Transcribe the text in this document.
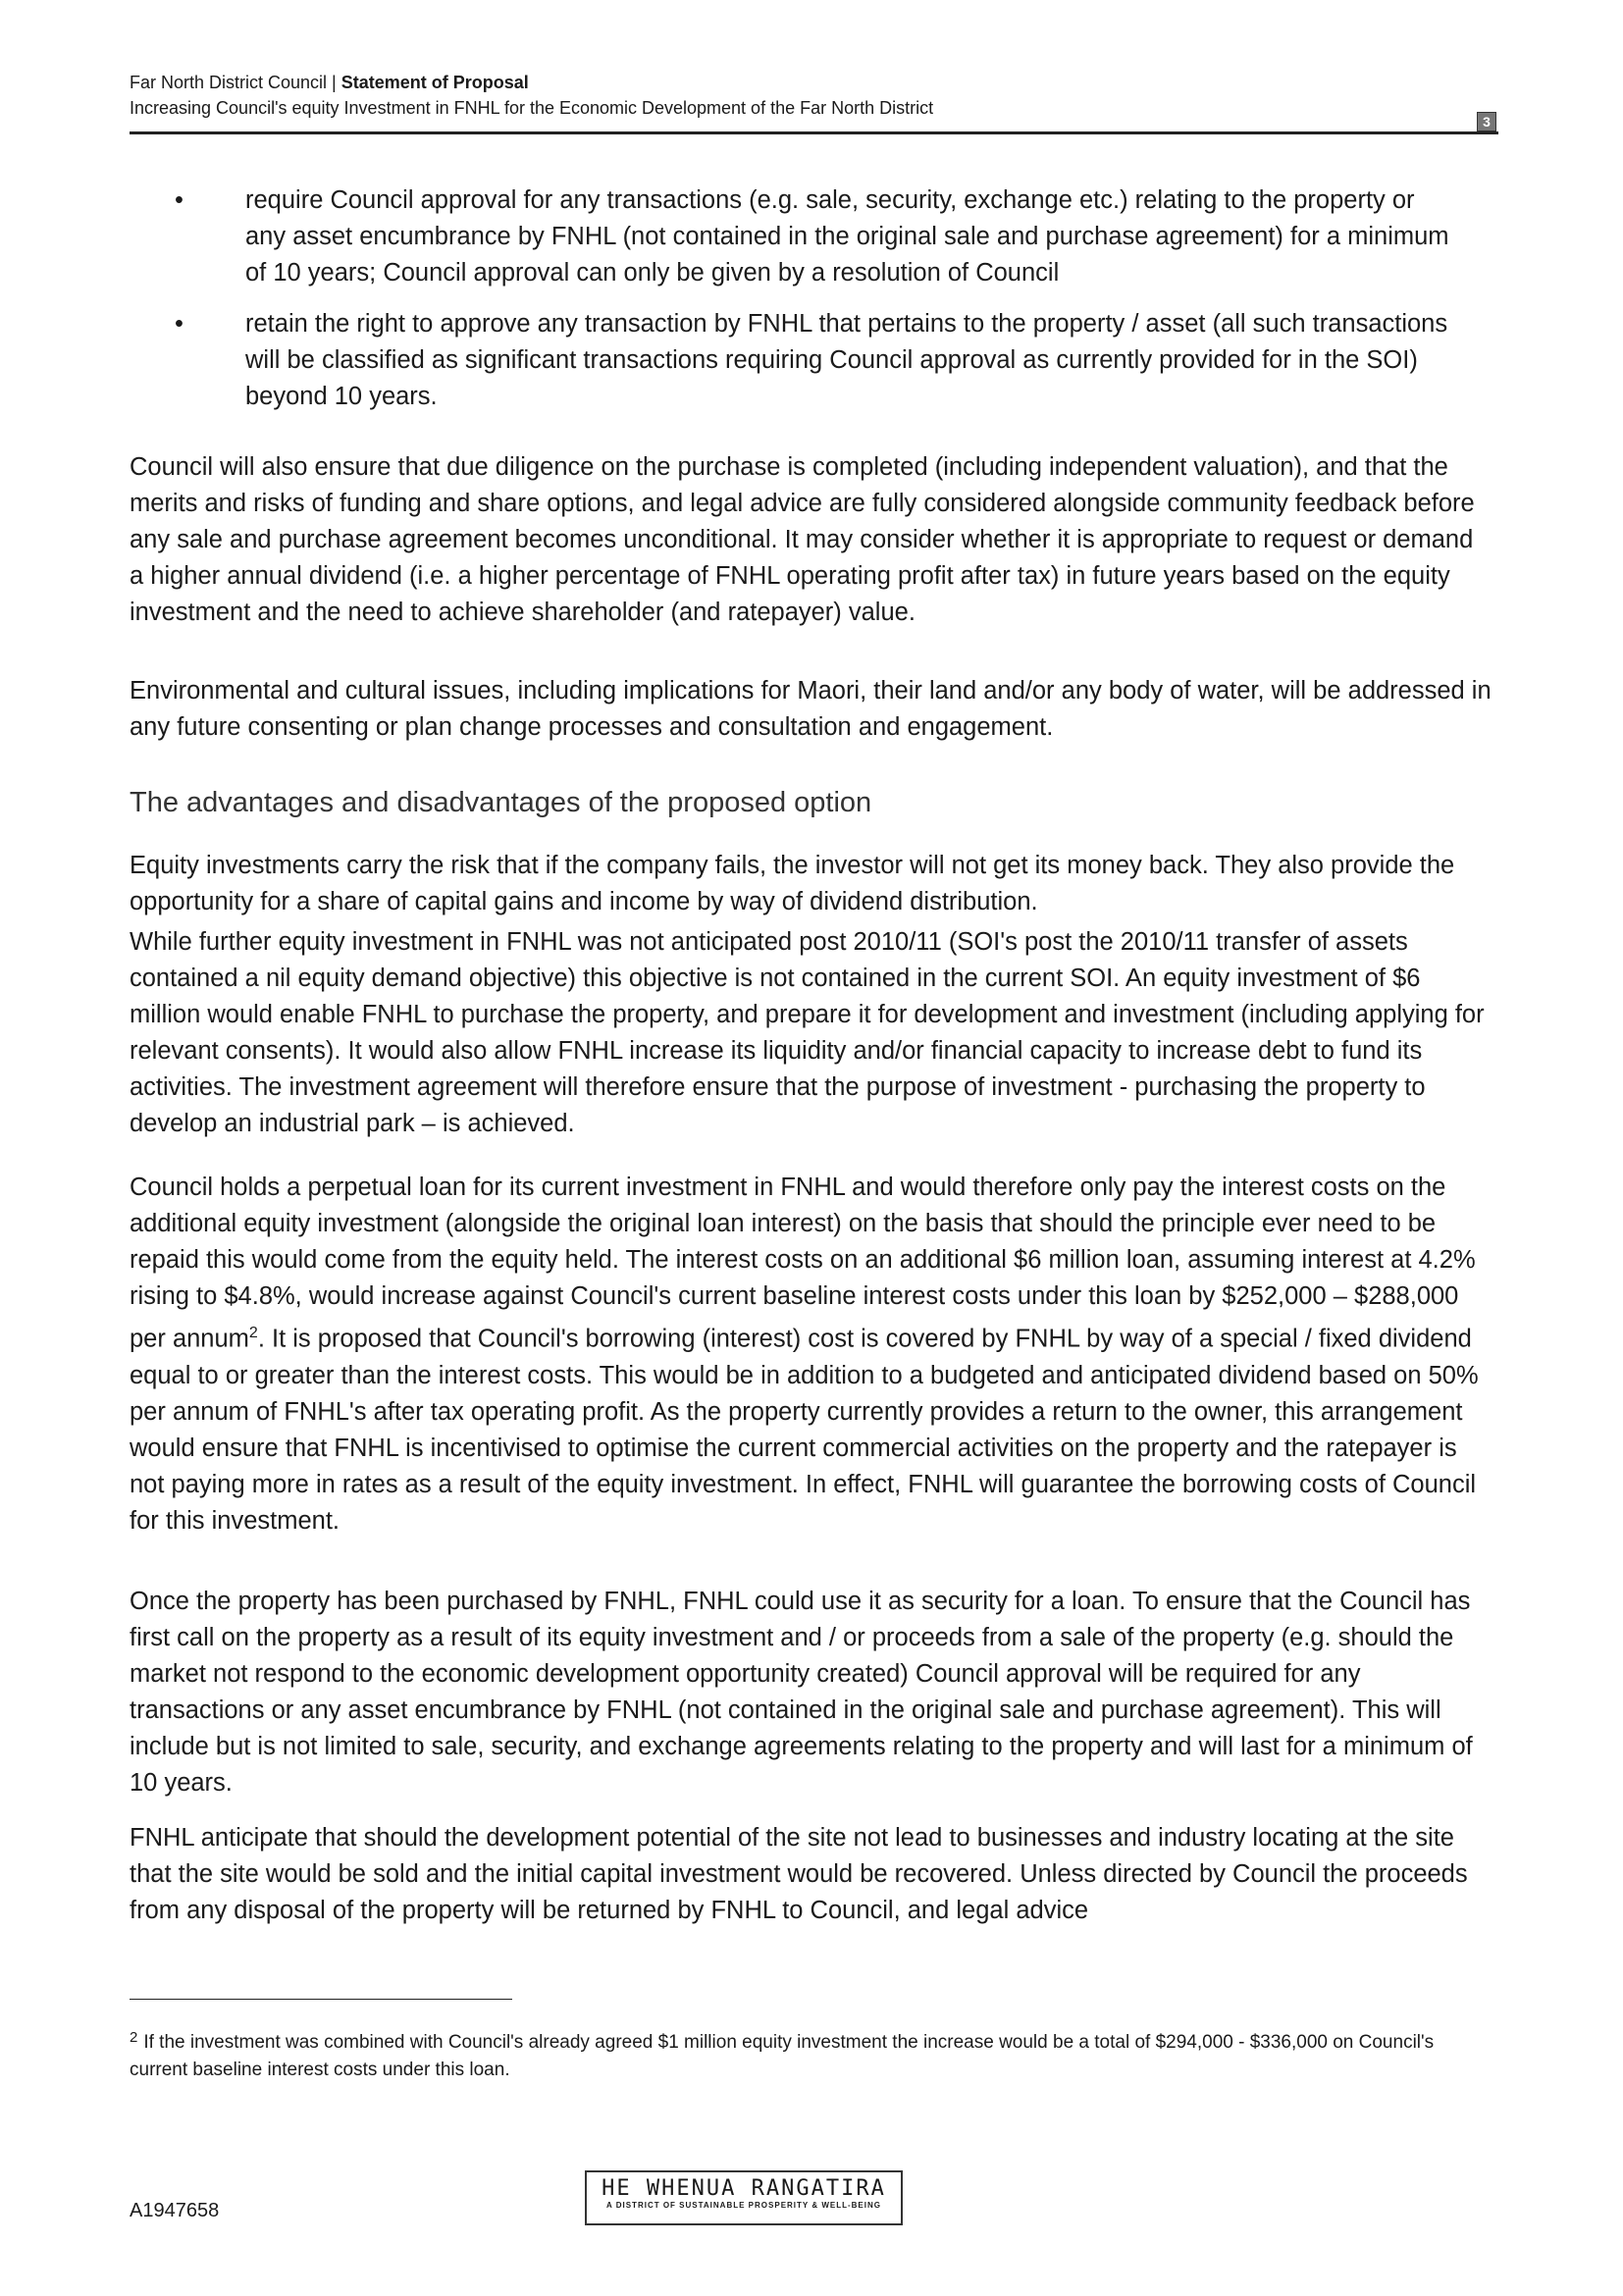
Far North District Council | Statement of Proposal
Increasing Council's equity Investment in FNHL for the Economic Development of the Far North District
3
• require Council approval for any transactions (e.g. sale, security, exchange etc.) relating to the property or any asset encumbrance by FNHL (not contained in the original sale and purchase agreement) for a minimum of 10 years; Council approval can only be given by a resolution of Council
• retain the right to approve any transaction by FNHL that pertains to the property / asset (all such transactions will be classified as significant transactions requiring Council approval as currently provided for in the SOI) beyond 10 years.
Council will also ensure that due diligence on the purchase is completed (including independent valuation), and that the merits and risks of funding and share options, and legal advice are fully considered alongside community feedback before any sale and purchase agreement becomes unconditional. It may consider whether it is appropriate to request or demand a higher annual dividend (i.e. a higher percentage of FNHL operating profit after tax) in future years based on the equity investment and the need to achieve shareholder (and ratepayer) value.
Environmental and cultural issues, including implications for Maori, their land and/or any body of water, will be addressed in any future consenting or plan change processes and consultation and engagement.
The advantages and disadvantages of the proposed option
Equity investments carry the risk that if the company fails, the investor will not get its money back. They also provide the opportunity for a share of capital gains and income by way of dividend distribution.
While further equity investment in FNHL was not anticipated post 2010/11 (SOI's post the 2010/11 transfer of assets contained a nil equity demand objective) this objective is not contained in the current SOI. An equity investment of $6 million would enable FNHL to purchase the property, and prepare it for development and investment (including applying for relevant consents). It would also allow FNHL increase its liquidity and/or financial capacity to increase debt to fund its activities. The investment agreement will therefore ensure that the purpose of investment - purchasing the property to develop an industrial park – is achieved.
Council holds a perpetual loan for its current investment in FNHL and would therefore only pay the interest costs on the additional equity investment (alongside the original loan interest) on the basis that should the principle ever need to be repaid this would come from the equity held. The interest costs on an additional $6 million loan, assuming interest at 4.2% rising to $4.8%, would increase against Council's current baseline interest costs under this loan by $252,000 – $288,000 per annum$^2$. It is proposed that Council's borrowing (interest) cost is covered by FNHL by way of a special / fixed dividend equal to or greater than the interest costs. This would be in addition to a budgeted and anticipated dividend based on 50% per annum of FNHL's after tax operating profit. As the property currently provides a return to the owner, this arrangement would ensure that FNHL is incentivised to optimise the current commercial activities on the property and the ratepayer is not paying more in rates as a result of the equity investment. In effect, FNHL will guarantee the borrowing costs of Council for this investment.
Once the property has been purchased by FNHL, FNHL could use it as security for a loan. To ensure that the Council has first call on the property as a result of its equity investment and / or proceeds from a sale of the property (e.g. should the market not respond to the economic development opportunity created) Council approval will be required for any transactions or any asset encumbrance by FNHL (not contained in the original sale and purchase agreement). This will include but is not limited to sale, security, and exchange agreements relating to the property and will last for a minimum of 10 years.
FNHL anticipate that should the development potential of the site not lead to businesses and industry locating at the site that the site would be sold and the initial capital investment would be recovered. Unless directed by Council the proceeds from any disposal of the property will be returned by FNHL to Council, and legal advice
$^2$ If the investment was combined with Council's already agreed $1 million equity investment the increase would be a total of $294,000 - $336,000 on Council's current baseline interest costs under this loan.
A1947658
HE WHENUA RANGATIRA
A DISTRICT OF SUSTAINABLE PROSPERITY & WELL-BEING
